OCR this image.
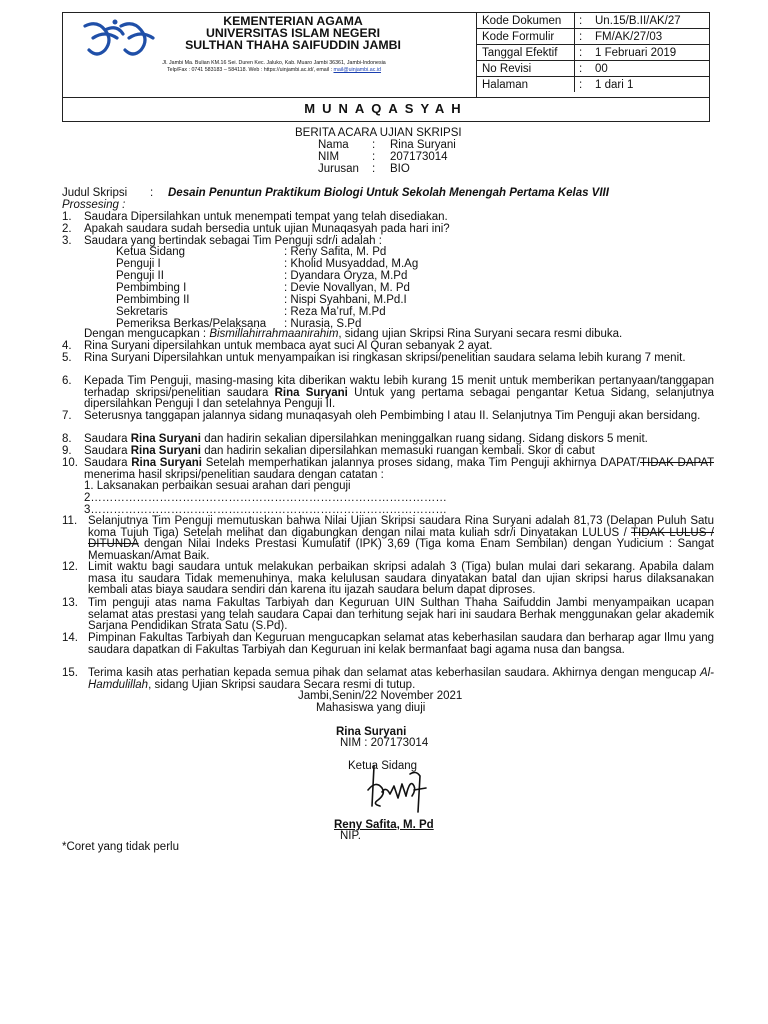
KEMENTERIAN AGAMA
UNIVERSITAS ISLAM NEGERI
SULTHAN THAHA SAIFUDDIN JAMBI
Jl. Jambi Ma. Bulian KM.16 Sei. Duren Kec. Jaluko, Kab. Muaro Jambi 36361, Jambi-Indonesia
Telp/Fax : 0741 583183 – 584118. Web : https://uinjambi.ac.id/, email : mail@uinjambi.ac.id
Kode Dokumen	:	Un.15/B.II/AK/27
Kode Formulir	:	FM/AK/27/03
Tanggal Efektif	:	1 Februari 2019
No Revisi	:	00
Halaman	:	1 dari 1
MUNAQASYAH
BERITA ACARA UJIAN SKRIPSI
Nama : Rina Suryani
NIM	: 207173014
Jurusan : BIO
Judul Skripsi : Desain Penuntun Praktikum Biologi Untuk Sekolah Menengah Pertama Kelas VIII
Prossesing :
1. Saudara Dipersilahkan untuk menempati tempat yang telah disediakan.
2. Apakah saudara sudah bersedia untuk ujian Munaqasyah pada hari ini?
3. Saudara yang bertindak sebagai Tim Penguji sdr/i adalah :
Ketua Sidang	: Reny Safita, M. Pd
Penguji I	: Kholid Musyaddad, M.Ag
Penguji II	: Dyandara Oryza, M.Pd
Pembimbing I	: Devie Novallyan, M. Pd
Pembimbing II	: Nispi Syahbani, M.Pd.I
Sekretaris	: Reza Ma’ruf, M.Pd
Pemeriksa Berkas/Pelaksana : Nurasia, S.Pd
Dengan mengucapkan : Bismillahirrahmaanirahim, sidang ujian Skripsi Rina Suryani secara resmi dibuka.
4. Rina Suryani dipersilahkan untuk membaca ayat suci Al Quran sebanyak 2 ayat.
5. Rina Suryani Dipersilahkan untuk menyampaikan isi ringkasan skripsi/penelitian saudara selama lebih kurang 7 menit.
6. Kepada Tim Penguji, masing-masing kita diberikan waktu lebih kurang 15 menit untuk memberikan pertanyaan/tanggapan terhadap skripsi/penelitian saudara Rina Suryani Untuk yang pertama sebagai pengantar Ketua Sidang, selanjutnya dipersilahkan Penguji I dan setelahnya Penguji II.
7. Seterusnya tanggapan jalannya sidang munaqasyah oleh Pembimbing I atau II. Selanjutnya Tim Penguji akan bersidang.
8. Saudara Rina Suryani dan hadirin sekalian dipersilahkan meninggalkan ruang sidang. Sidang diskors 5 menit.
9. Saudara Rina Suryani dan hadirin sekalian dipersilahkan memasuki ruangan kembali. Skor di cabut
10. Saudara Rina Suryani Setelah memperhatikan jalannya proses sidang, maka Tim Penguji akhirnya DAPAT/TIDAK DAPAT menerima hasil skripsi/penelitian saudara dengan catatan :
1. Laksanakan perbaikan sesuai arahan dari penguji
2…………………………………………………………………………………
3…………………………………………………………………………………
11. Selanjutnya Tim Penguji memutuskan bahwa Nilai Ujian Skripsi saudara Rina Suryani adalah 81,73 (Delapan Puluh Satu koma Tujuh Tiga) Setelah melihat dan digabungkan dengan nilai mata kuliah sdr/i Dinyatakan LULUS / TIDAK LULUS / DITUNDA dengan Nilai Indeks Prestasi Kumulatif (IPK) 3,69 (Tiga koma Enam Sembilan) dengan Yudicium : Sangat Memuaskan/Amat Baik.
12. Limit waktu bagi saudara untuk melakukan perbaikan skripsi adalah 3 (Tiga) bulan mulai dari sekarang. Apabila dalam masa itu saudara Tidak memenuhinya, maka kelulusan saudara dinyatakan batal dan ujian skripsi harus dilaksanakan kembali atas biaya saudara sendiri dan karena itu ijazah saudara belum dapat diproses.
13. Tim penguji atas nama Fakultas Tarbiyah dan Keguruan UIN Sulthan Thaha Saifuddin Jambi menyampaikan ucapan selamat atas prestasi yang telah saudara Capai dan terhitung sejak hari ini saudara Berhak menggunakan gelar akademik Sarjana Pendidikan Strata Satu (S.Pd).
14. Pimpinan Fakultas Tarbiyah dan Keguruan mengucapkan selamat atas keberhasilan saudara dan berharap agar Ilmu yang saudara dapatkan di Fakultas Tarbiyah dan Keguruan ini kelak bermanfaat bagi agama nusa dan bangsa.
15. Terima kasih atas perhatian kepada semua pihak dan selamat atas keberhasilan saudara. Akhirnya dengan mengucap Al-Hamdulillah, sidang Ujian Skripsi saudara Secara resmi di tutup.
Jambi,Senin/22 November 2021
Mahasiswa yang diuji
Rina Suryani
NIM : 207173014
Ketua Sidang
Reny Safita, M. Pd
NIP.
*Coret yang tidak perlu
